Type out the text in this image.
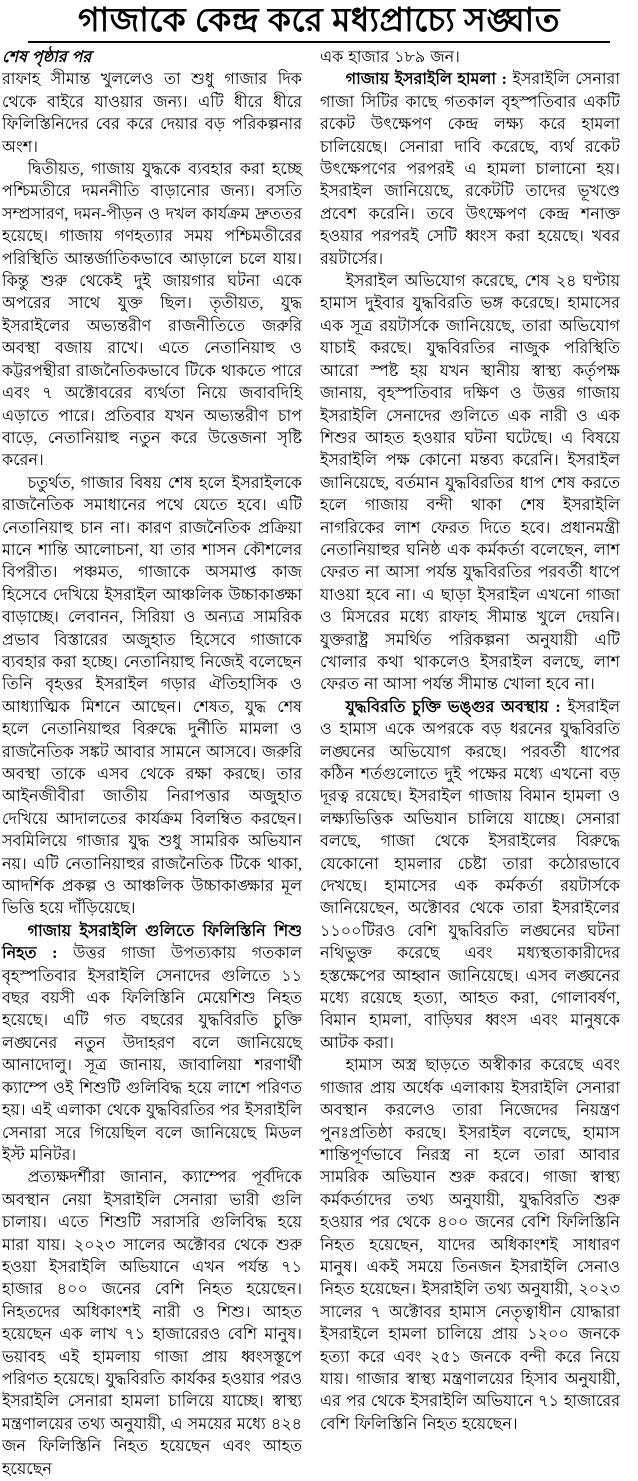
গাজাকে কেন্দ্র করে মধ্যপ্রাচ্যে সঙ্ঘাত
শেষ পৃষ্ঠার পর

রাফাহ সীমান্ত খুললেও তা শুধু গাজার দিক থেকে বাইরে যাওয়ার জন্য। এটি ধীরে ধীরে ফিলিস্তিনিদের বের করে দেয়ার বড় পরিকল্পনার অংশ।

দ্বিতীয়ত, গাজায় যুদ্ধকে ব্যবহার করা হচ্ছে পশ্চিমতীরে দমননীতি বাড়ানোর জন্য। বসতি সম্প্রসারণ, দমন-পীড়ন ও দখল কার্যক্রম দ্রুততর হয়েছে। গাজায় গণহত্যার সময় পশ্চিমতীরের পরিস্থিতি আন্তর্জাতিকভাবে আড়ালে চলে যায়। কিন্তু শুরু থেকেই দুই জায়গার ঘটনা একে অপরের সাথে যুক্ত ছিল। তৃতীয়ত, যুদ্ধ ইসরাইলের অভ্যন্তরীণ রাজনীতিতে জরুরি অবস্থা বজায় রাখে। এতে নেতানিয়াহু ও কট্টরপন্থীরা রাজনৈতিকভাবে টিকে থাকতে পারে এবং ৭ অক্টোবরের ব্যর্থতা নিয়ে জবাবদিহি এড়াতে পারে। প্রতিবার যখন অভ্যন্তরীণ চাপ বাড়ে, নেতানিয়াহু নতুন করে উত্তেজনা সৃষ্টি করেন।

চতুর্থত, গাজার বিষয় শেষ হলে ইসরাইলকে রাজনৈতিক সমাধানের পথে যেতে হবে। এটি নেতানিয়াহু চান না। কারণ রাজনৈতিক প্রক্রিয়া মানে শান্তি আলোচনা, যা তার শাসন কৌশলের বিপরীত। পঞ্চমত, গাজাকে অসমাপ্ত কাজ হিসেবে দেখিয়ে ইসরাইল আঞ্চলিক উচ্চাকাঙ্ক্ষা বাড়াচ্ছে। লেবানন, সিরিয়া ও অন্যত্র সামরিক প্রভাব বিস্তারের অজুহাত হিসেবে গাজাকে ব্যবহার করা হচ্ছে। নেতানিয়াহু নিজেই বলেছেন তিনি বৃহত্তর ইসরাইল গড়ার ঐতিহাসিক ও আধ্যাত্মিক মিশনে আছেন। শেষত, যুদ্ধ শেষ হলে নেতানিয়াহুর বিরুদ্ধে দুর্নীতি মামলা ও রাজনৈতিক সঙ্কট আবার সামনে আসবে। জরুরি অবস্থা তাকে এসব থেকে রক্ষা করছে। তার আইনজীবীরা জাতীয় নিরাপত্তার অজুহাত দেখিয়ে আদালতের কার্যক্রম বিলম্বিত করছেন। সবমিলিয়ে গাজার যুদ্ধ শুধু সামরিক অভিযান নয়। এটি নেতানিয়াহুর রাজনৈতিক টিকে থাকা, আদর্শিক প্রকল্প ও আঞ্চলিক উচ্চাকাঙ্ক্ষার মূল ভিত্তি হয়ে দাঁড়িয়েছে।

গাজায় ইসরাইলি গুলিতে ফিলিস্তিনি শিশু নিহত : উত্তর গাজা উপত্যকায় গতকাল বৃহস্পতিবার ইসরাইলি সেনাদের গুলিতে ১১ বছর বয়সী এক ফিলিস্তিনি মেয়েশিশু নিহত হয়েছে। এটি গত বছরের যুদ্ধবিরতি চুক্তি লঙ্ঘনের নতুন উদাহরণ বলে জানিয়েছে আনাদোলু। সূত্র জানায়, জাবালিয়া শরণার্থী ক্যাম্পে ওই শিশুটি গুলিবিদ্ধ হয়ে লাশে পরিণত হয়। এই এলাকা থেকে যুদ্ধবিরতির পর ইসরাইলি সেনারা সরে গিয়েছিল বলে জানিয়েছে মিডল ইস্ট মনিটর।

প্রত্যক্ষদর্শীরা জানান, ক্যাম্পের পূর্বদিকে অবস্থান নেয়া ইসরাইলি সেনারা ভারী গুলি চালায়। এতে শিশুটি সরাসরি গুলিবিদ্ধ হয়ে মারা যায়। ২০২৩ সালের অক্টোবর থেকে শুরু হওয়া ইসরাইলি অভিযানে এখন পর্যন্ত ৭১ হাজার ৪০০ জনের বেশি নিহত হয়েছেন। নিহতদের অধিকাংশই নারী ও শিশু। আহত হয়েছেন এক লাখ ৭১ হাজারেরও বেশি মানুষ। ভয়াবহ এই হামলায় গাজা প্রায় ধ্বংসস্তূপে পরিণত হয়েছে। যুদ্ধবিরতি কার্যকর হওয়ার পরও ইসরাইলি সেনারা হামলা চালিয়ে যাচ্ছে। স্বাস্থ্য মন্ত্রণালয়ের তথ্য অনুযায়ী, এ সময়ের মধ্যে ৪২৪ জন ফিলিস্তিনি নিহত হয়েছেন এবং আহত হয়েছেন

এক হাজার ১৮৯ জন।

গাজায় ইসরাইলি হামলা : ইসরাইলি সেনারা গাজা সিটির কাছে গতকাল বৃহস্পতিবার একটি রকেট উৎক্ষেপণ কেন্দ্র লক্ষ্য করে হামলা চালিয়েছে। সেনারা দাবি করেছে, ব্যর্থ রকেট উৎক্ষেপণের পরপরই এ হামলা চালানো হয়। ইসরাইল জানিয়েছে, রকেটটি তাদের ভূখণ্ডে প্রবেশ করেনি। তবে উৎক্ষেপণ কেন্দ্র শনাক্ত হওয়ার পরপরই সেটি ধ্বংস করা হয়েছে। খবর রয়টার্সের।

ইসরাইল অভিযোগ করেছে, শেষ ২৪ ঘণ্টায় হামাস দুইবার যুদ্ধবিরতি ভঙ্গ করেছে। হামাসের এক সূত্র রয়টার্সকে জানিয়েছে, তারা অভিযোগ যাচাই করছে। যুদ্ধবিরতির নাজুক পরিস্থিতি আরো স্পষ্ট হয় যখন স্থানীয় স্বাস্থ্য কর্তৃপক্ষ জানায়, বৃহস্পতিবার দক্ষিণ ও উত্তর গাজায় ইসরাইলি সেনাদের গুলিতে এক নারী ও এক শিশুর আহত হওয়ার ঘটনা ঘটেছে। এ বিষয়ে ইসরাইলি পক্ষ কোনো মন্তব্য করেনি। ইসরাইল জানিয়েছে, বর্তমান যুদ্ধবিরতির ধাপ শেষ করতে হলে গাজায় বন্দী থাকা শেষ ইসরাইলি নাগরিকের লাশ ফেরত দিতে হবে। প্রধানমন্ত্রী নেতানিয়াহুর ঘনিষ্ঠ এক কর্মকর্তা বলেছেন, লাশ ফেরত না আসা পর্যন্ত যুদ্ধবিরতির পরবর্তী ধাপে যাওয়া হবে না। এ ছাড়া ইসরাইল এখনো গাজা ও মিসরের মধ্যে রাফাহ সীমান্ত খুলে দেয়নি। যুক্তরাষ্ট্র সমর্থিত পরিকল্পনা অনুযায়ী এটি খোলার কথা থাকলেও ইসরাইল বলছে, লাশ ফেরত না আসা পর্যন্ত সীমান্ত খোলা হবে না।

যুদ্ধবিরতি চুক্তি ভঙ্গুর অবস্থায় : ইসরাইল ও হামাস একে অপরকে বড় ধরনের যুদ্ধবিরতি লঙ্ঘনের অভিযোগ করছে। পরবর্তী ধাপের কঠিন শর্তগুলোতে দুই পক্ষের মধ্যে এখনো বড় দূরত্ব রয়েছে। ইসরাইল গাজায় বিমান হামলা ও লক্ষ্যভিত্তিক অভিযান চালিয়ে যাচ্ছে। সেনারা বলছে, গাজা থেকে ইসরাইলের বিরুদ্ধে যেকোনো হামলার চেষ্টা তারা কঠোরভাবে দেখছে। হামাসের এক কর্মকর্তা রয়টার্সকে জানিয়েছেন, অক্টোবর থেকে তারা ইসরাইলের ১১০০টিরও বেশি যুদ্ধবিরতি লঙ্ঘনের ঘটনা নথিভুক্ত করেছে এবং মধ্যস্থতাকারীদের হস্তক্ষেপের আহ্বান জানিয়েছে। এসব লঙ্ঘনের মধ্যে রয়েছে হত্যা, আহত করা, গোলাবর্ষণ, বিমান হামলা, বাড়িঘর ধ্বংস এবং মানুষকে আটক করা।

হামাস অস্ত্র ছাড়তে অস্বীকার করেছে এবং গাজার প্রায় অর্ধেক এলাকায় ইসরাইলি সেনারা অবস্থান করলেও তারা নিজেদের নিয়ন্ত্রণ পুনঃপ্রতিষ্ঠা করছে। ইসরাইল বলেছে, হামাস শান্তিপূর্ণভাবে নিরস্ত্র না হলে তারা আবার সামরিক অভিযান শুরু করবে। গাজা স্বাস্থ্য কর্মকর্তাদের তথ্য অনুযায়ী, যুদ্ধবিরতি শুরু হওয়ার পর থেকে ৪০০ জনের বেশি ফিলিস্তিনি নিহত হয়েছেন, যাদের অধিকাংশই সাধারণ মানুষ। একই সময়ে তিনজন ইসরাইলি সেনাও নিহত হয়েছেন। ইসরাইলি তথ্য অনুযায়ী, ২০২৩ সালের ৭ অক্টোবর হামাস নেতৃত্বাধীন যোদ্ধারা ইসরাইলে হামলা চালিয়ে প্রায় ১২০০ জনকে হত্যা করে এবং ২৫১ জনকে বন্দী করে নিয়ে যায়। গাজার স্বাস্থ্য মন্ত্রণালয়ের হিসাব অনুযায়ী, এর পর থেকে ইসরাইলি অভিযানে ৭১ হাজারের বেশি ফিলিস্তিনি নিহত হয়েছেন।
